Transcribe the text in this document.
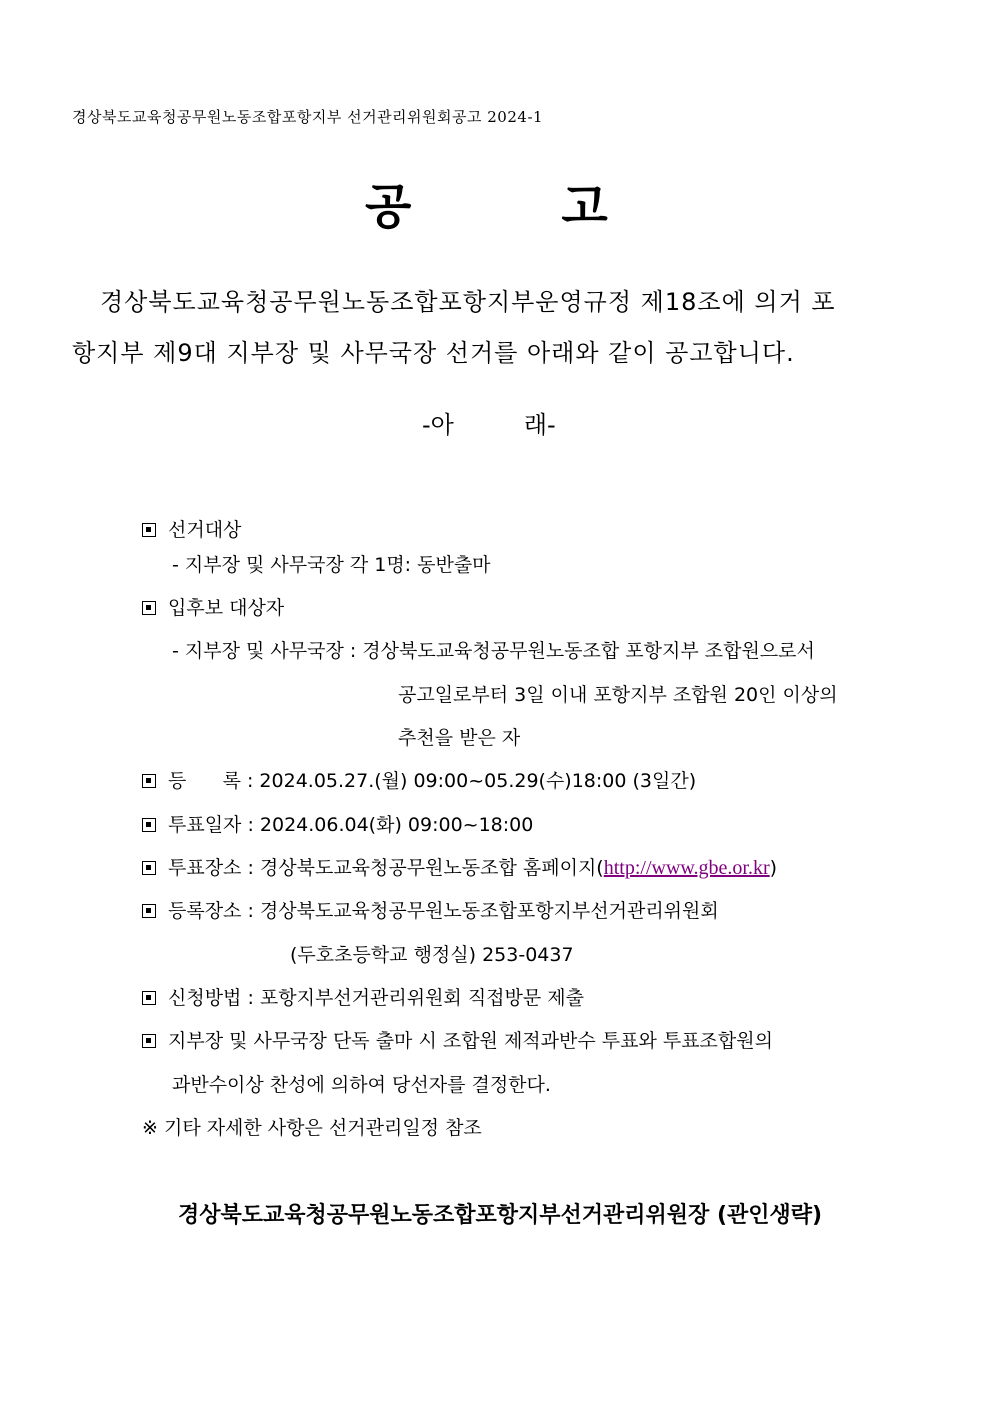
경상북도교육청공무원노동조합포항지부 선거관리위원회공고 2024-1
공	고
경상북도교육청공무원노동조합포항지부운영규정 제18조에 의거 포
항지부 제9대 지부장 및 사무국장 선거를 아래와 같이 공고합니다.
-아	래-
선거대상
- 지부장 및 사무국장 각 1명: 동반출마
입후보 대상자
- 지부장 및 사무국장 : 경상북도교육청공무원노동조합 포항지부 조합원으로서
공고일로부터 3일 이내 포항지부 조합원 20인 이상의
추천을 받은 자
등      록 : 2024.05.27.(월) 09:00~05.29(수)18:00 (3일간)
투표일자 : 2024.06.04(화) 09:00~18:00
투표장소 : 경상북도교육청공무원노동조합 홈페이지(http://www.gbe.or.kr)
등록장소 : 경상북도교육청공무원노동조합포항지부선거관리위원회
(두호초등학교 행정실) 253-0437
신청방법 : 포항지부선거관리위원회 직접방문 제출
지부장 및 사무국장 단독 출마 시 조합원 제적과반수 투표와 투표조합원의
과반수이상 찬성에 의하여 당선자를 결정한다.
※ 기타 자세한 사항은 선거관리일정 참조
경상북도교육청공무원노동조합포항지부선거관리위원장 (관인생략)
